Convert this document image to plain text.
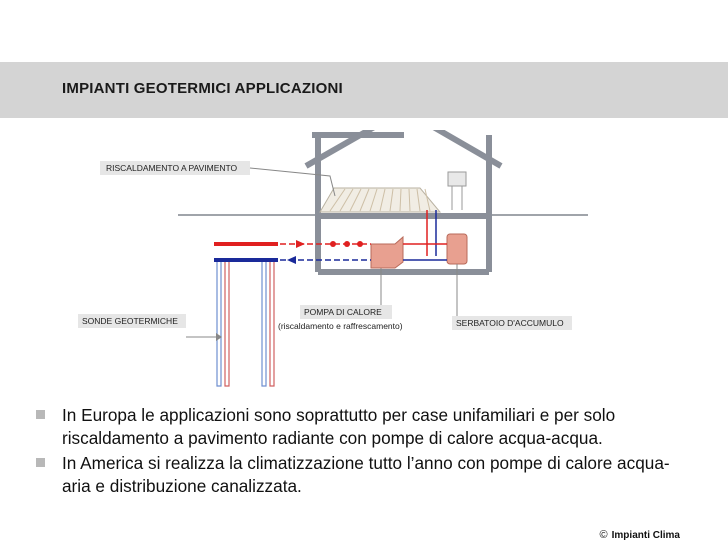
IMPIANTI GEOTERMICI APPLICAZIONI
RISCALDAMENTO A PAVIMENTO
SONDE GEOTERMICHE
POMPA DI CALORE
(riscaldamento e raffrescamento)	SERBATOIO D'ACCUMULO
In Europa le applicazioni sono soprattutto per case unifamiliari e per solo riscaldamento a pavimento radiante con pompe di calore acqua-acqua.
In America si realizza la climatizzazione tutto l’anno con pompe di calore acqua-aria e distribuzione canalizzata.
© Impianti Clima
